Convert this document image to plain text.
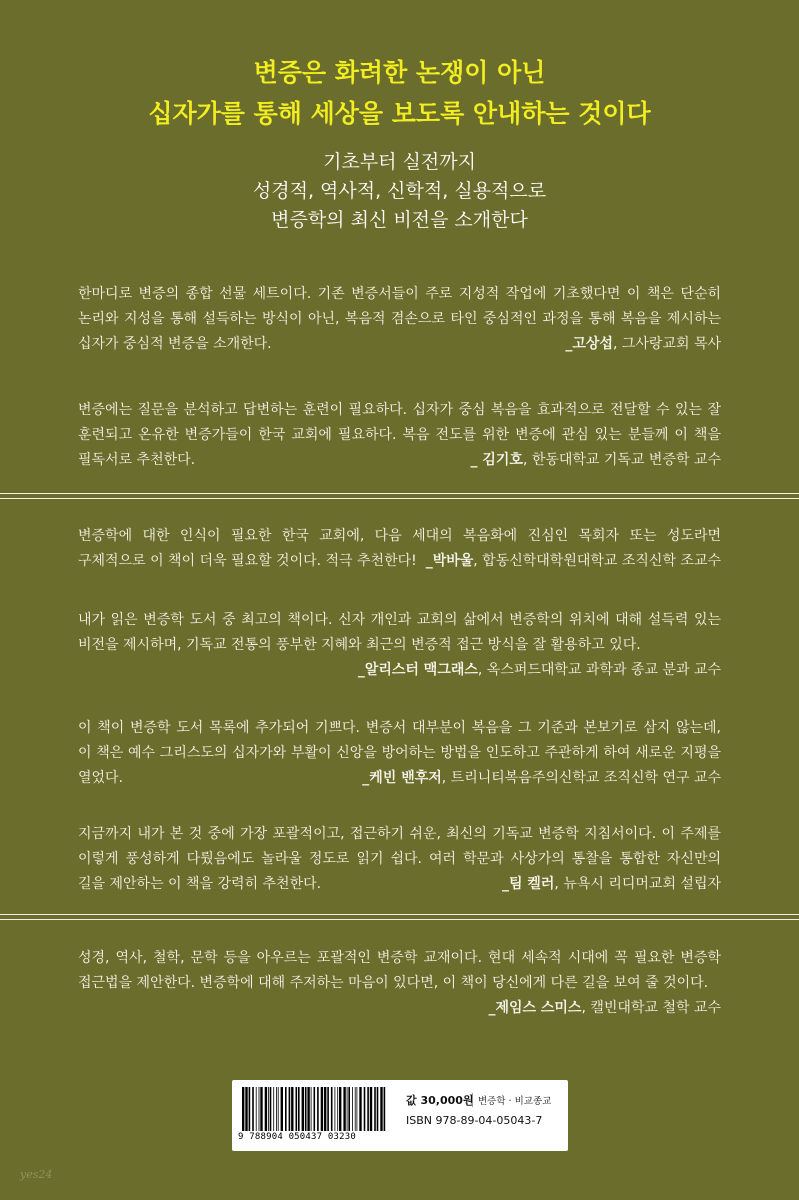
변증은 화려한 논쟁이 아닌
십자가를 통해 세상을 보도록 안내하는 것이다
기초부터 실전까지
성경적, 역사적, 신학적, 실용적으로
변증학의 최신 비전을 소개한다
한마디로 변증의 종합 선물 세트이다. 기존 변증서들이 주로 지성적 작업에 기초했다면 이 책은 단순히 논리와 지성을 통해 설득하는 방식이 아닌, 복음적 겸손으로 타인 중심적인 과정을 통해 복음을 제시하는 십자가 중심적 변증을 소개한다.	_고상섭, 그사랑교회 목사
변증에는 질문을 분석하고 답변하는 훈련이 필요하다. 십자가 중심 복음을 효과적으로 전달할 수 있는 잘 훈련되고 온유한 변증가들이 한국 교회에 필요하다. 복음 전도를 위한 변증에 관심 있는 분들께 이 책을 필독서로 추천한다.	_ 김기호, 한동대학교 기독교 변증학 교수
변증학에 대한 인식이 필요한 한국 교회에, 다음 세대의 복음화에 진심인 목회자 또는 성도라면 구체적으로 이 책이 더욱 필요할 것이다. 적극 추천한다! _박바울, 합동신학대학원대학교 조직신학 조교수
내가 읽은 변증학 도서 중 최고의 책이다. 신자 개인과 교회의 삶에서 변증학의 위치에 대해 설득력 있는 비전을 제시하며, 기독교 전통의 풍부한 지혜와 최근의 변증적 접근 방식을 잘 활용하고 있다.
_알리스터 맥그래스, 옥스퍼드대학교 과학과 종교 분과 교수
이 책이 변증학 도서 목록에 추가되어 기쁘다. 변증서 대부분이 복음을 그 기준과 본보기로 삼지 않는데, 이 책은 예수 그리스도의 십자가와 부활이 신앙을 방어하는 방법을 인도하고 주관하게 하여 새로운 지평을 열었다.	_케빈 밴후저, 트리니티복음주의신학교 조직신학 연구 교수
지금까지 내가 본 것 중에 가장 포괄적이고, 접근하기 쉬운, 최신의 기독교 변증학 지침서이다. 이 주제를 이렇게 풍성하게 다뤘음에도 놀라울 정도로 읽기 쉽다. 여러 학문과 사상가의 통찰을 통합한 자신만의 길을 제안하는 이 책을 강력히 추천한다.	_팀 켈러, 뉴욕시 리디머교회 설립자
성경, 역사, 철학, 문학 등을 아우르는 포괄적인 변증학 교재이다. 현대 세속적 시대에 꼭 필요한 변증학 접근법을 제안한다. 변증학에 대해 주저하는 마음이 있다면, 이 책이 당신에게 다른 길을 보여 줄 것이다.
_제임스 스미스, 캘빈대학교 철학 교수
9 788904 050437 03230
값 30,000원 변증학 · 비교종교
ISBN 978-89-04-05043-7
yes24
